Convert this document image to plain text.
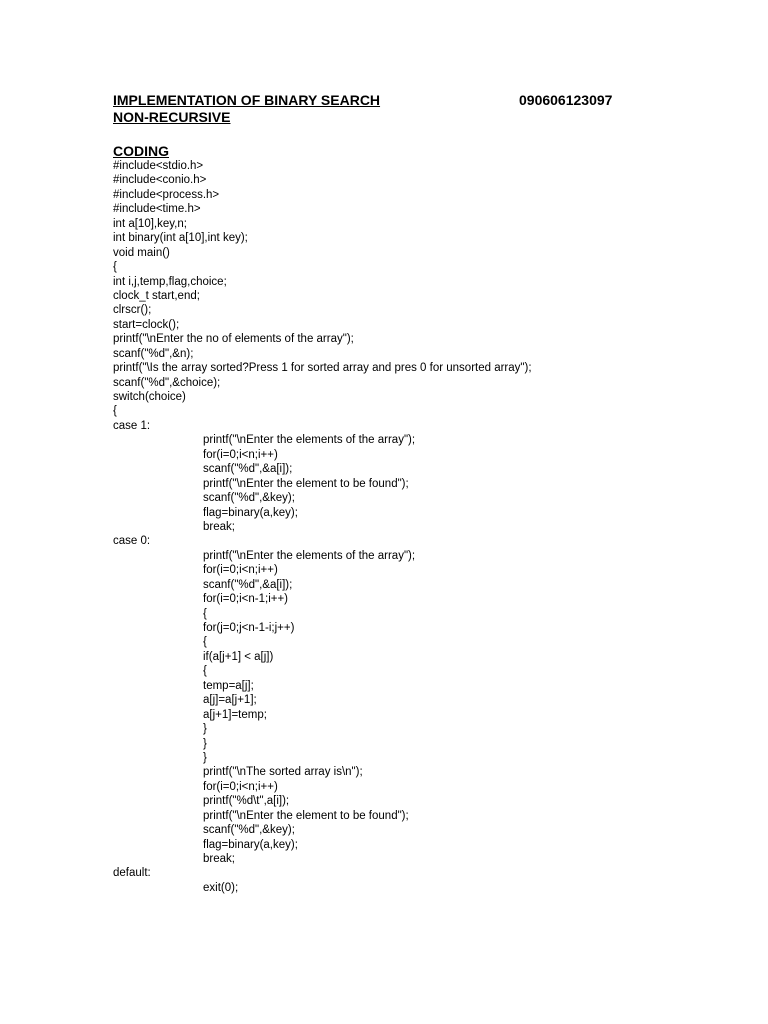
IMPLEMENTATION OF BINARY SEARCH	090606123097
NON-RECURSIVE
CODING
#include<stdio.h>
#include<conio.h>
#include<process.h>
#include<time.h>
int a[10],key,n;
int binary(int a[10],int key);
void main()
{
int i,j,temp,flag,choice;
clock_t start,end;
clrscr();
start=clock();
printf("\nEnter the no of elements of the array");
scanf("%d",&n);
printf("\Is the array sorted?Press 1 for sorted array and pres 0 for unsorted array");
scanf("%d",&choice);
switch(choice)
{
case 1:
printf("\nEnter the elements of the array");
for(i=0;i<n;i++)
scanf("%d",&a[i]);
printf("\nEnter the element to be found");
scanf("%d",&key);
flag=binary(a,key);
break;
case 0:
printf("\nEnter the elements of the array");
for(i=0;i<n;i++)
scanf("%d",&a[i]);
for(i=0;i<n-1;i++)
{
for(j=0;j<n-1-i;j++)
{
if(a[j+1] < a[j])
{
temp=a[j];
a[j]=a[j+1];
a[j+1]=temp;
}
}
}
printf("\nThe sorted array is\n");
for(i=0;i<n;i++)
printf("%d\t",a[i]);
printf("\nEnter the element to be found");
scanf("%d",&key);
flag=binary(a,key);
break;
default:
exit(0);
